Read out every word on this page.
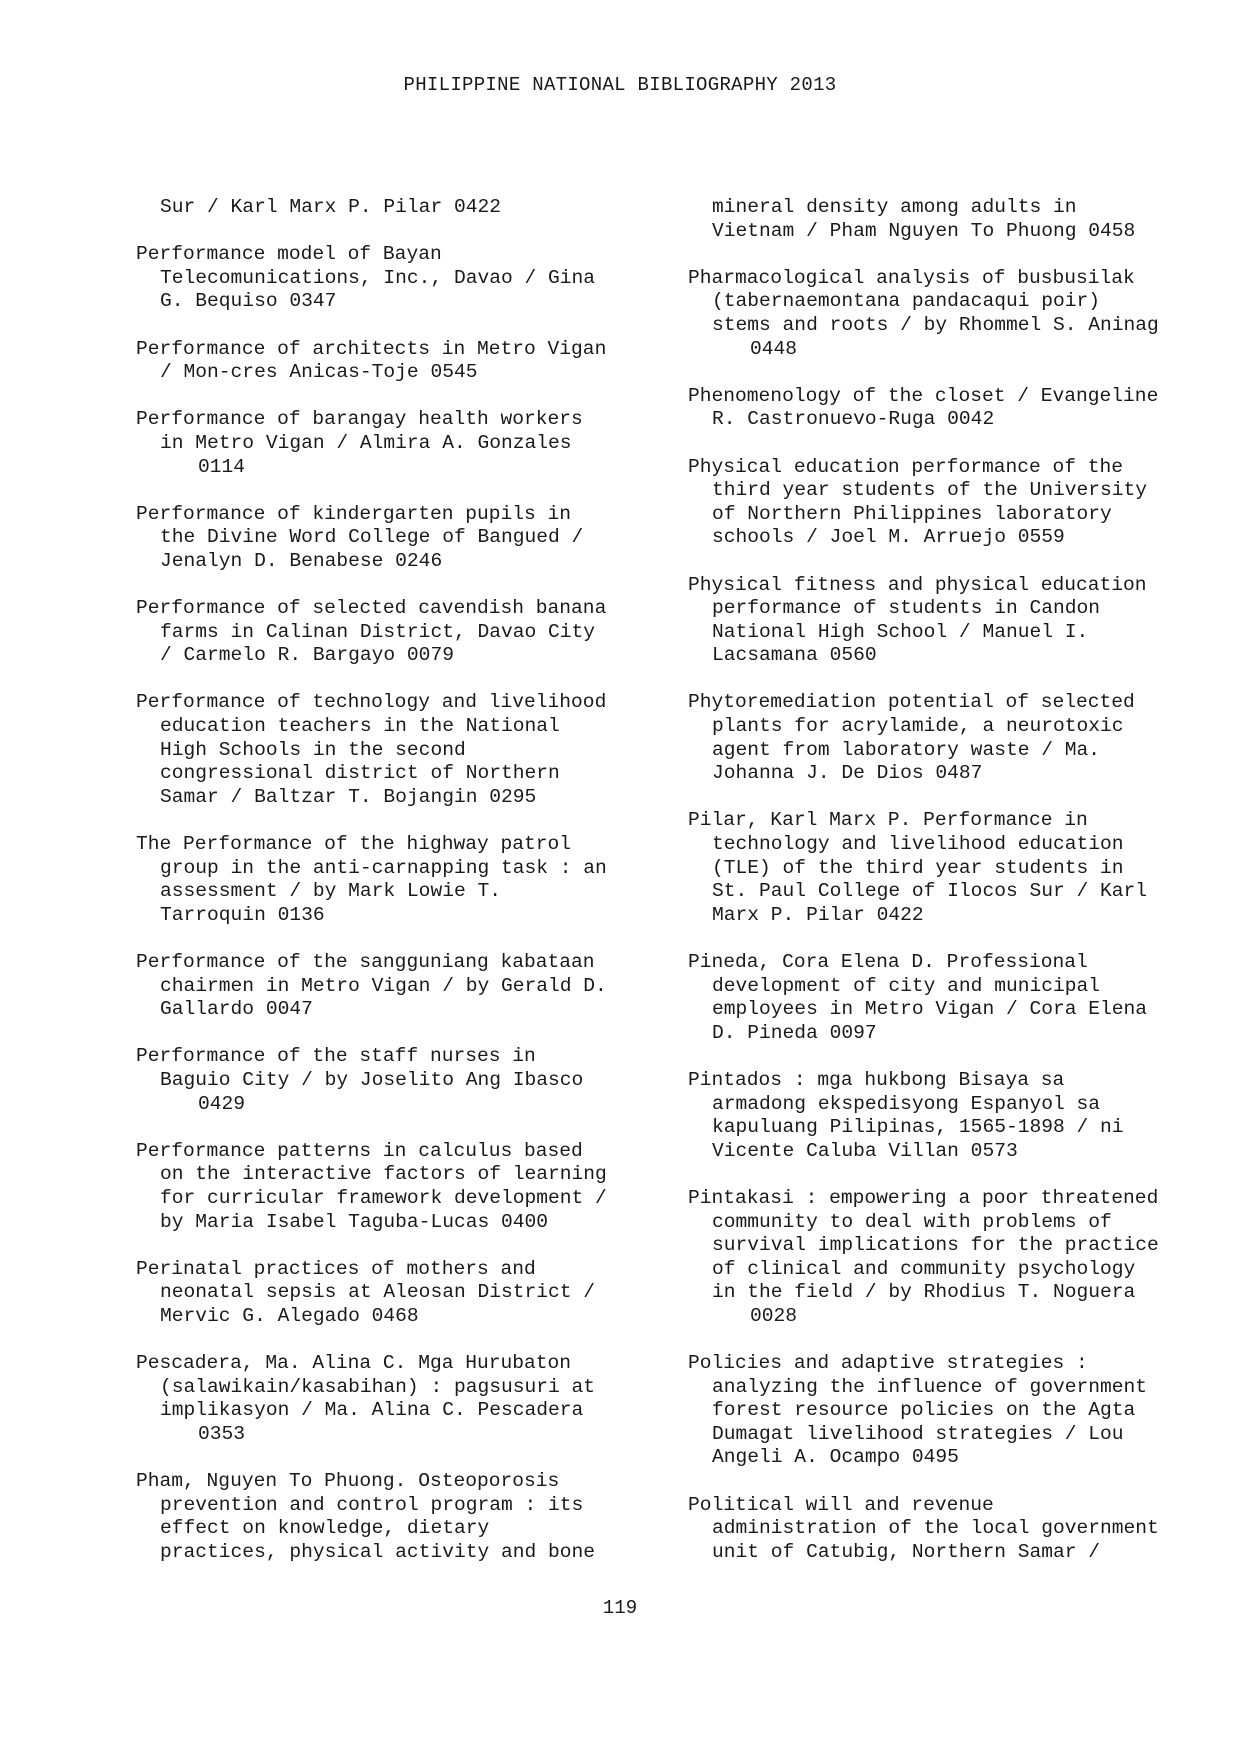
PHILIPPINE NATIONAL BIBLIOGRAPHY 2013
Sur / Karl Marx P. Pilar 0422
Performance model of Bayan
Telecomunications, Inc., Davao / Gina
G. Bequiso 0347
Performance of architects in Metro Vigan
/ Mon-cres Anicas-Toje 0545
Performance of barangay health workers
in Metro Vigan / Almira A. Gonzales
0114
Performance of kindergarten pupils in
the Divine Word College of Bangued /
Jenalyn D. Benabese 0246
Performance of selected cavendish banana
farms in Calinan District, Davao City
/ Carmelo R. Bargayo 0079
Performance of technology and livelihood
education teachers in the National
High Schools in the second
congressional district of Northern
Samar / Baltzar T. Bojangin 0295
The Performance of the highway patrol
group in the anti-carnapping task : an
assessment / by Mark Lowie T.
Tarroquin 0136
Performance of the sangguniang kabataan
chairmen in Metro Vigan / by Gerald D.
Gallardo 0047
Performance of the staff nurses in
Baguio City / by Joselito Ang Ibasco
0429
Performance patterns in calculus based
on the interactive factors of learning
for curricular framework development /
by Maria Isabel Taguba-Lucas 0400
Perinatal practices of mothers and
neonatal sepsis at Aleosan District /
Mervic G. Alegado 0468
Pescadera, Ma. Alina C. Mga Hurubaton
(salawikain/kasabihan) : pagsusuri at
implikasyon / Ma. Alina C. Pescadera
0353
Pham, Nguyen To Phuong. Osteoporosis
prevention and control program : its
effect on knowledge, dietary
practices, physical activity and bone
mineral density among adults in
Vietnam / Pham Nguyen To Phuong 0458
Pharmacological analysis of busbusilak
(tabernaemontana pandacaqui poir)
stems and roots / by Rhommel S. Aninag
0448
Phenomenology of the closet / Evangeline
R. Castronuevo-Ruga 0042
Physical education performance of the
third year students of the University
of Northern Philippines laboratory
schools / Joel M. Arruejo 0559
Physical fitness and physical education
performance of students in Candon
National High School / Manuel I.
Lacsamana 0560
Phytoremediation potential of selected
plants for acrylamide, a neurotoxic
agent from laboratory waste / Ma.
Johanna J. De Dios 0487
Pilar, Karl Marx P. Performance in
technology and livelihood education
(TLE) of the third year students in
St. Paul College of Ilocos Sur / Karl
Marx P. Pilar 0422
Pineda, Cora Elena D. Professional
development of city and municipal
employees in Metro Vigan / Cora Elena
D. Pineda 0097
Pintados : mga hukbong Bisaya sa
armadong ekspedisyong Espanyol sa
kapuluang Pilipinas, 1565-1898 / ni
Vicente Caluba Villan 0573
Pintakasi : empowering a poor threatened
community to deal with problems of
survival implications for the practice
of clinical and community psychology
in the field / by Rhodius T. Noguera
0028
Policies and adaptive strategies :
analyzing the influence of government
forest resource policies on the Agta
Dumagat livelihood strategies / Lou
Angeli A. Ocampo 0495
Political will and revenue
administration of the local government
unit of Catubig, Northern Samar /
119
